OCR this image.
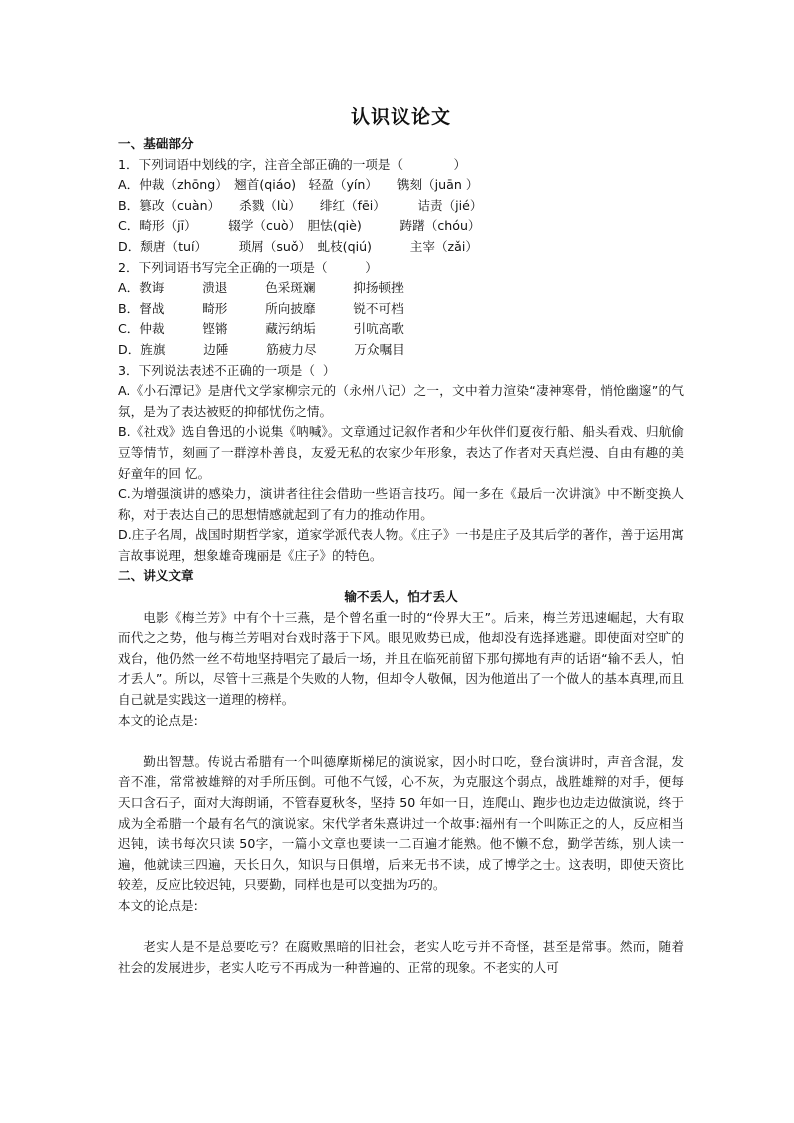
认识议论文
一、基础部分
1．下列词语中划线的字，注音全部正确的一项是（　　　　）
A．仲裁（zhōng）　翘首(qiáo)　轻盈（yín）　　镌刻（juān ）
B．篡改（cuàn）　　杀戮（lù）　　绯红（fēi）　　　诘责（jié）
C．畸形（jī）　　　辍学（cuò）　胆怯(qiè)　　　踌躇（chóu）
D．颓唐（tuí）　　　琐屑（suǒ）　虬枝(qiú)　　　主宰（zǎi）
2．下列词语书写完全正确的一项是（　　　）
A．教诲　　　溃退　　　色采斑斓　　　抑扬顿挫
B．督战　　　畸形　　　所向披靡　　　锐不可档
C．仲裁　　　铿锵　　　藏污纳垢　　　引吭高歌
D．旌旗　　　边陲　　　筋疲力尽　　　万众嘱目
3．下列说法表述不正确的一项是（  ）
A.《小石潭记》是唐代文学家柳宗元的（永州八记）之一，文中着力渲染“凄神寒骨，悄怆幽邃”的气氛，是为了表达被贬的抑郁忧伤之情。
B.《社戏》选自鲁迅的小说集《呐喊》。文章通过记叙作者和少年伙伴们夏夜行船、船头看戏、归航偷豆等情节，刻画了一群淳朴善良，友爱无私的农家少年形象，表达了作者对天真烂漫、自由有趣的美好童年的回 忆。
C.为增强演讲的感染力，演讲者往往会借助一些语言技巧。闻一多在《最后一次讲演》中不断变换人称，对于表达自己的思想情感就起到了有力的推动作用。
D.庄子名周，战国时期哲学家，道家学派代表人物。《庄子》一书是庄子及其后学的著作，善于运用寓言故事说理，想象雄奇瑰丽是《庄子》的特色。
二、讲义文章
输不丢人，怕才丢人
电影《梅兰芳》中有个十三燕，是个曾名重一时的“伶界大王”。后来，梅兰芳迅速崛起，大有取而代之之势，他与梅兰芳唱对台戏时落于下风。眼见败势已成，他却没有选择逃避。即使面对空旷的戏台，他仍然一丝不苟地坚持唱完了最后一场，并且在临死前留下那句掷地有声的话语“输不丢人，怕才丢人”。所以，尽管十三燕是个失败的人物，但却令人敬佩，因为他道出了一个做人的基本真理,而且自己就是实践这一道理的榜样。
本文的论点是:
勤出智慧。传说古希腊有一个叫德摩斯梯尼的演说家，因小时口吃，登台演讲时，声音含混，发音不准，常常被雄辩的对手所压倒。可他不气馁，心不灰，为克服这个弱点，战胜雄辩的对手，便每天口含石子，面对大海朗诵，不管春夏秋冬，坚持 50 年如一日，连爬山、跑步也边走边做演说，终于成为全希腊一个最有名气的演说家。宋代学者朱熹讲过一个故事:福州有一个叫陈正之的人，反应相当迟钝，读书每次只读 50字，一篇小文章也要读一二百遍才能熟。他不懒不怠，勤学苦练，别人读一遍，他就读三四遍，天长日久，知识与日俱增，后来无书不读，成了博学之士。这表明，即使天资比较差，反应比较迟钝，只要勤，同样也是可以变拙为巧的。
本文的论点是:
老实人是不是总要吃亏？在腐败黑暗的旧社会，老实人吃亏并不奇怪，甚至是常事。然而，随着社会的发展进步，老实人吃亏不再成为一种普遍的、正常的现象。不老实的人可
